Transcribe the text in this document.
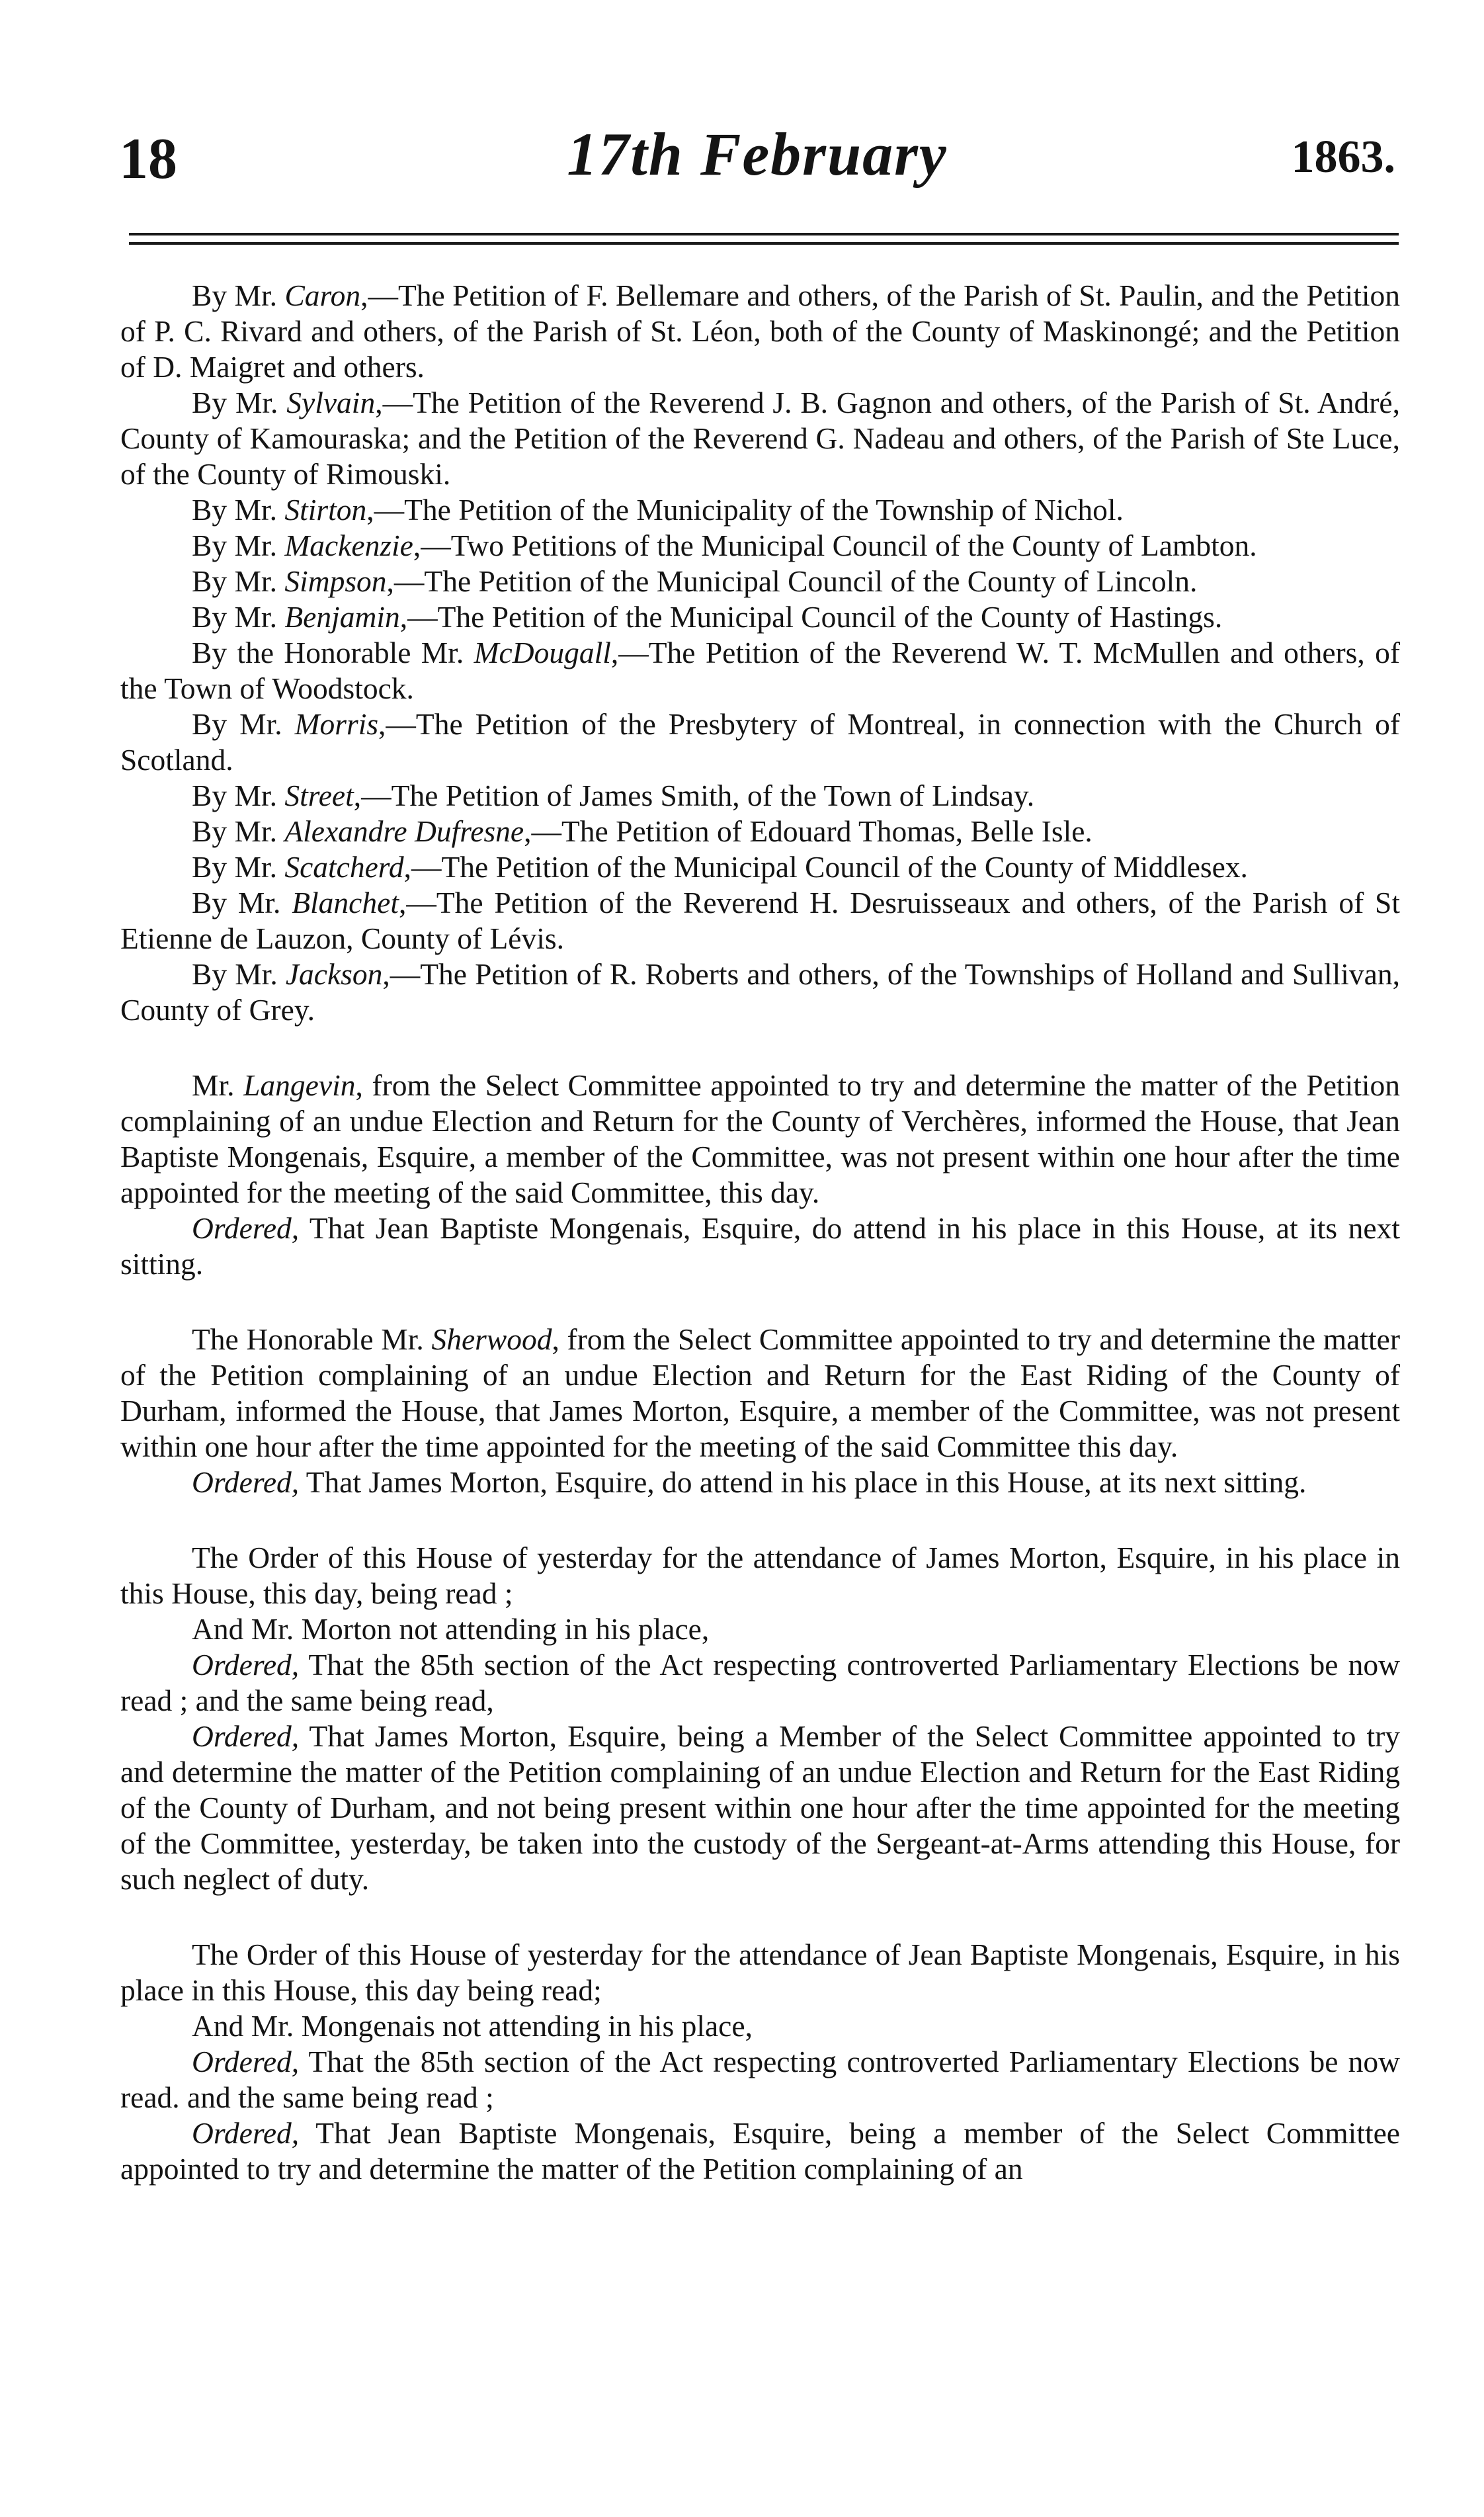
18	17th February	1863.

By Mr. Caron,—The Petition of F. Bellemare and others, of the Parish of St. Paulin, and the Petition of P. C. Rivard and others, of the Parish of St. Léon, both of the County of Maskinongé; and the Petition of D. Maigret and others.

By Mr. Sylvain,—The Petition of the Reverend J. B. Gagnon and others, of the Parish of St. André, County of Kamouraska; and the Petition of the Reverend G. Nadeau and others, of the Parish of Ste Luce, of the County of Rimouski.

By Mr. Stirton,—The Petition of the Municipality of the Township of Nichol.

By Mr. Mackenzie,—Two Petitions of the Municipal Council of the County of Lambton.

By Mr. Simpson,—The Petition of the Municipal Council of the County of Lincoln.

By Mr. Benjamin,—The Petition of the Municipal Council of the County of Hastings.

By the Honorable Mr. McDougall,—The Petition of the Reverend W. T. McMullen and others, of the Town of Woodstock.

By Mr. Morris,—The Petition of the Presbytery of Montreal, in connection with the Church of Scotland.

By Mr. Street,—The Petition of James Smith, of the Town of Lindsay.

By Mr. Alexandre Dufresne,—The Petition of Edouard Thomas, Belle Isle.

By Mr. Scatcherd,—The Petition of the Municipal Council of the County of Middlesex.

By Mr. Blanchet,—The Petition of the Reverend H. Desruisseaux and others, of the Parish of St Etienne de Lauzon, County of Lévis.

By Mr. Jackson,—The Petition of R. Roberts and others, of the Townships of Holland and Sullivan, County of Grey.

Mr. Langevin, from the Select Committee appointed to try and determine the matter of the Petition complaining of an undue Election and Return for the County of Verchères, informed the House, that Jean Baptiste Mongenais, Esquire, a member of the Committee, was not present within one hour after the time appointed for the meeting of the said Committee, this day.

Ordered, That Jean Baptiste Mongenais, Esquire, do attend in his place in this House, at its next sitting.

The Honorable Mr. Sherwood, from the Select Committee appointed to try and determine the matter of the Petition complaining of an undue Election and Return for the East Riding of the County of Durham, informed the House, that James Morton, Esquire, a member of the Committee, was not present within one hour after the time appointed for the meeting of the said Committee this day.

Ordered, That James Morton, Esquire, do attend in his place in this House, at its next sitting.

The Order of this House of yesterday for the attendance of James Morton, Esquire, in his place in this House, this day, being read ;

And Mr. Morton not attending in his place,

Ordered, That the 85th section of the Act respecting controverted Parliamentary Elections be now read ; and the same being read,

Ordered, That James Morton, Esquire, being a Member of the Select Committee appointed to try and determine the matter of the Petition complaining of an undue Election and Return for the East Riding of the County of Durham, and not being present within one hour after the time appointed for the meeting of the Committee, yesterday, be taken into the custody of the Sergeant-at-Arms attending this House, for such neglect of duty.

The Order of this House of yesterday for the attendance of Jean Baptiste Mongenais, Esquire, in his place in this House, this day being read;

And Mr. Mongenais not attending in his place,

Ordered, That the 85th section of the Act respecting controverted Parliamentary Elections be now read. and the same being read ;

Ordered, That Jean Baptiste Mongenais, Esquire, being a member of the Select Committee appointed to try and determine the matter of the Petition complaining of an
